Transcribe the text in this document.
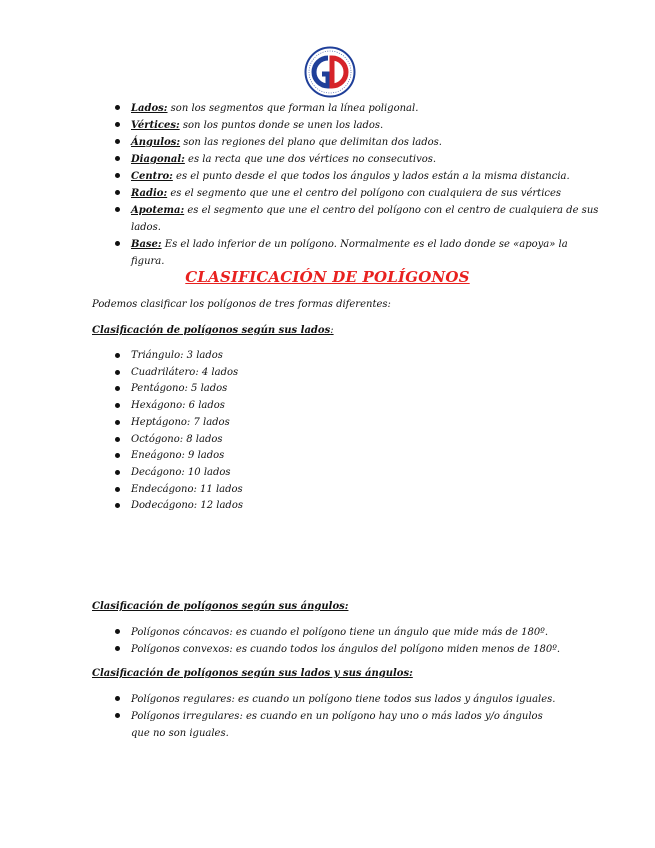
Lados: son los segmentos que forman la línea poligonal.
Vértices: son los puntos donde se unen los lados.
Ángulos: son las regiones del plano que delimitan dos lados.
Diagonal: es la recta que une dos vértices no consecutivos.
Centro: es el punto desde el que todos los ángulos y lados están a la misma distancia.
Radio: es el segmento que une el centro del polígono con cualquiera de sus vértices
Apotema: es el segmento que une el centro del polígono con el centro de cualquiera de sus lados.
Base: Es el lado inferior de un polígono. Normalmente es el lado donde se «apoya» la figura.
CLASIFICACIÓN DE POLÍGONOS
Podemos clasificar los polígonos de tres formas diferentes:
Clasificación de polígonos según sus lados:
Triángulo: 3 lados
Cuadrilátero: 4 lados
Pentágono: 5 lados
Hexágono: 6 lados
Heptágono: 7 lados
Octógono: 8 lados
Eneágono: 9 lados
Decágono: 10 lados
Endecágono: 11 lados
Dodecágono: 12 lados
Clasificación de polígonos según sus ángulos:
Polígonos cóncavos: es cuando el polígono tiene un ángulo que mide más de 180º.
Polígonos convexos: es cuando todos los ángulos del polígono miden menos de 180º.
Clasificación de polígonos según sus lados y sus ángulos:
Polígonos regulares: es cuando un polígono tiene todos sus lados y ángulos iguales.
Polígonos irregulares: es cuando en un polígono hay uno o más lados y/o ángulos que no son iguales.
